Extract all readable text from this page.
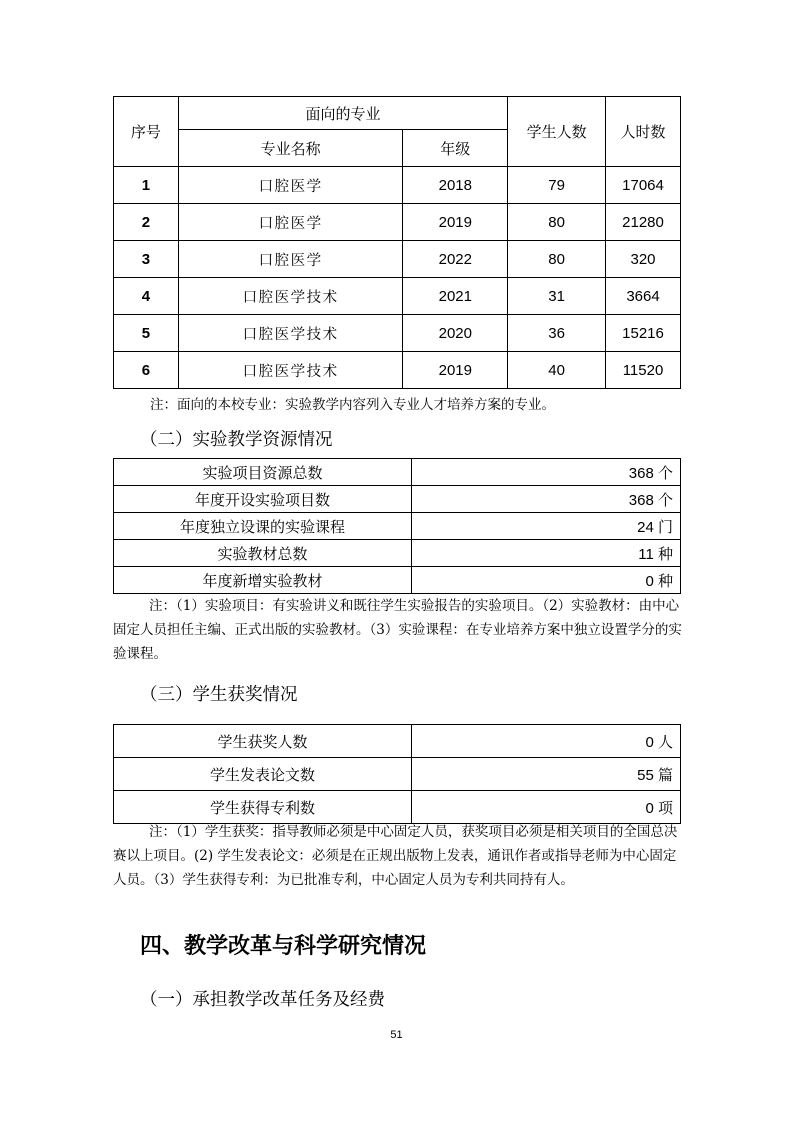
序号	面向的专业		学生人数	人时数
	专业名称	年级		
1	口腔医学	2018	79	17064
2	口腔医学	2019	80	21280
3	口腔医学	2022	80	320
4	口腔医学技术	2021	31	3664
5	口腔医学技术	2020	36	15216
6	口腔医学技术	2019	40	11520

注：面向的本校专业：实验教学内容列入专业人才培养方案的专业。

（二）实验教学资源情况
实验项目资源总数	368 个
年度开设实验项目数	368 个
年度独立设课的实验课程	24 门
实验教材总数	11 种
年度新增实验教材	0 种

注：（1）实验项目：有实验讲义和既往学生实验报告的实验项目。（2）实验教材：由中心固定人员担任主编、正式出版的实验教材。（3）实验课程：在专业培养方案中独立设置学分的实验课程。

（三）学生获奖情况
学生获奖人数	0 人
学生发表论文数	55 篇
学生获得专利数	0 项

注：（1）学生获奖：指导教师必须是中心固定人员，获奖项目必须是相关项目的全国总决赛以上项目。(2) 学生发表论文：必须是在正规出版物上发表，通讯作者或指导老师为中心固定人员。（3）学生获得专利：为已批准专利，中心固定人员为专利共同持有人。

四、教学改革与科学研究情况
（一）承担教学改革任务及经费
51
